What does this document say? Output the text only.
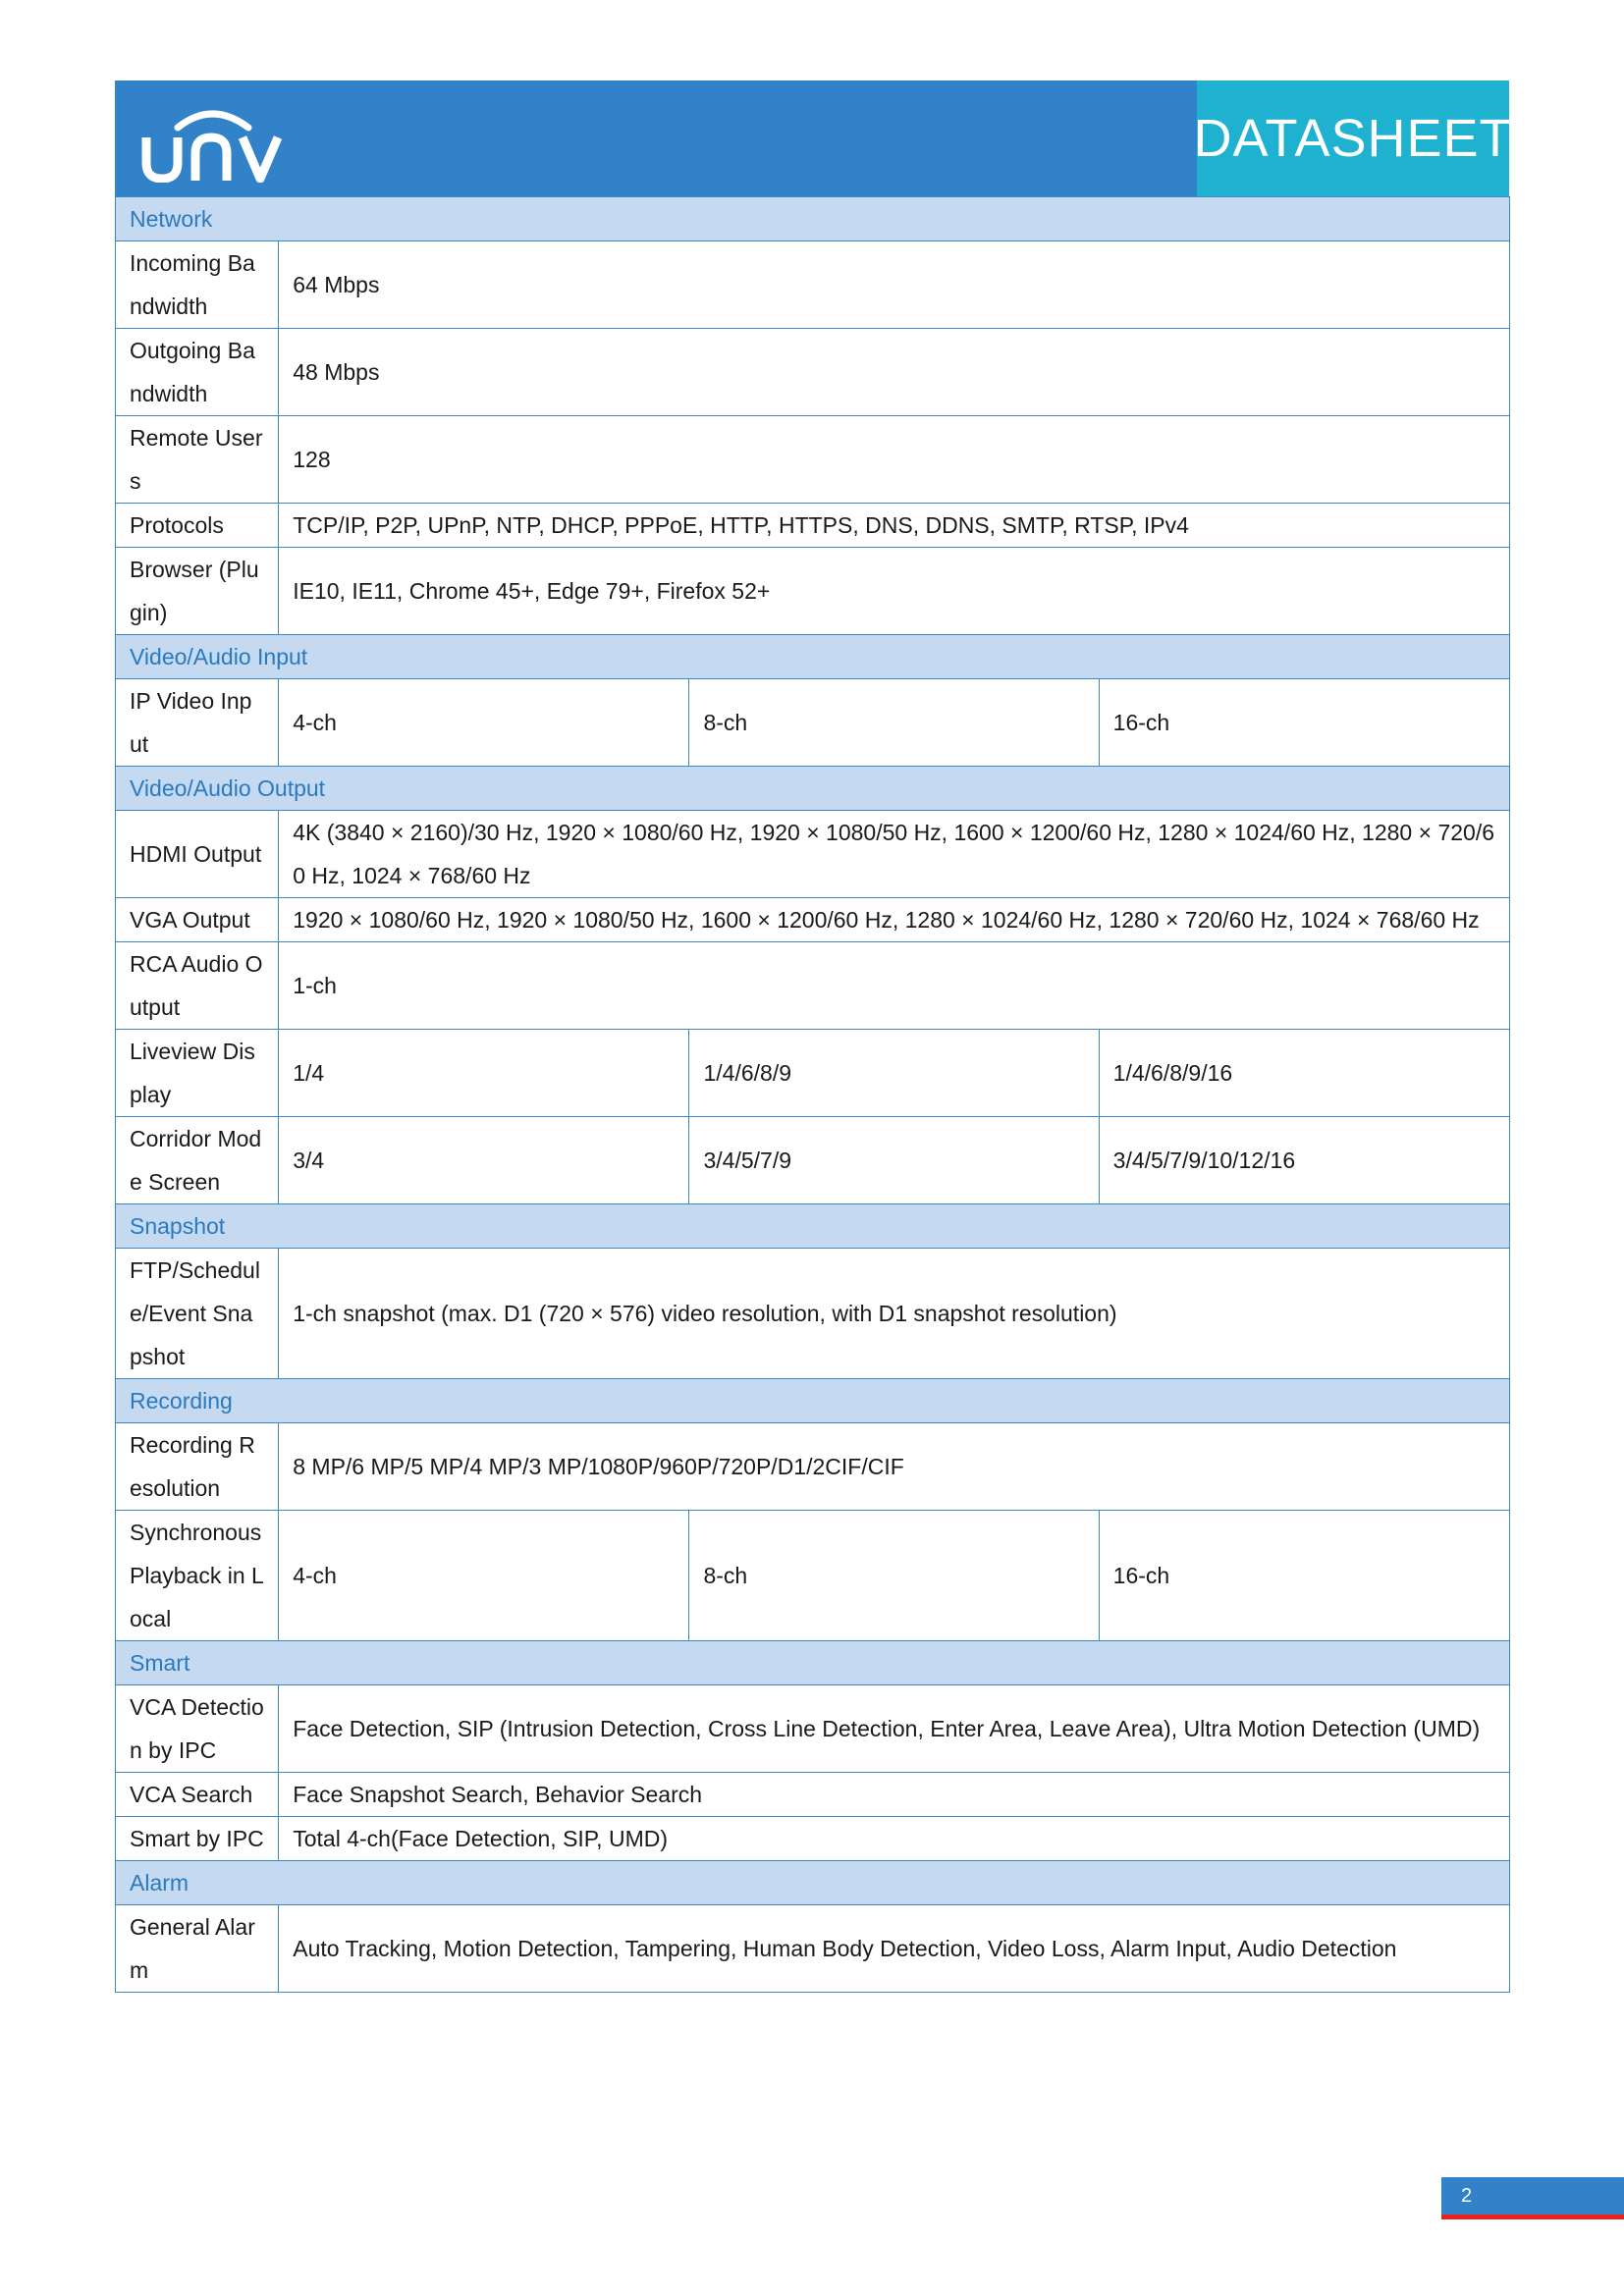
DATASHEET
Network			
Incoming Bandwidth	64 Mbps		
Outgoing Bandwidth	48 Mbps		
Remote Users	128		
Protocols	TCP/IP, P2P, UPnP, NTP, DHCP, PPPoE, HTTP, HTTPS, DNS, DDNS, SMTP, RTSP, IPv4		
Browser (Plugin)	IE10, IE11, Chrome 45+, Edge 79+, Firefox 52+		
Video/Audio Input			
IP Video Input	4-ch	8-ch	16-ch
Video/Audio Output			
HDMI Output	4K (3840 × 2160)/30 Hz, 1920 × 1080/60 Hz, 1920 × 1080/50 Hz, 1600 × 1200/60 Hz, 1280 × 1024/60 Hz, 1280 × 720/60 Hz, 1024 × 768/60 Hz		
VGA Output	1920 × 1080/60 Hz, 1920 × 1080/50 Hz, 1600 × 1200/60 Hz, 1280 × 1024/60 Hz, 1280 × 720/60 Hz, 1024 × 768/60 Hz		
RCA Audio Output	1-ch		
Liveview Display	1/4	1/4/6/8/9	1/4/6/8/9/16
Corridor Mode Screen	3/4	3/4/5/7/9	3/4/5/7/9/10/12/16
Snapshot			
FTP/Schedule/Event Snapshot	1-ch snapshot (max. D1 (720 × 576) video resolution, with D1 snapshot resolution)		
Recording			
Recording Resolution	8 MP/6 MP/5 MP/4 MP/3 MP/1080P/960P/720P/D1/2CIF/CIF		
Synchronous Playback in Local	4-ch	8-ch	16-ch
Smart			
VCA Detection by IPC	Face Detection, SIP (Intrusion Detection, Cross Line Detection, Enter Area, Leave Area), Ultra Motion Detection (UMD)		
VCA Search	Face Snapshot Search, Behavior Search		
Smart by IPC	Total 4-ch(Face Detection, SIP, UMD)		
Alarm			
General Alarm	Auto Tracking, Motion Detection, Tampering, Human Body Detection, Video Loss, Alarm Input, Audio Detection		
2
